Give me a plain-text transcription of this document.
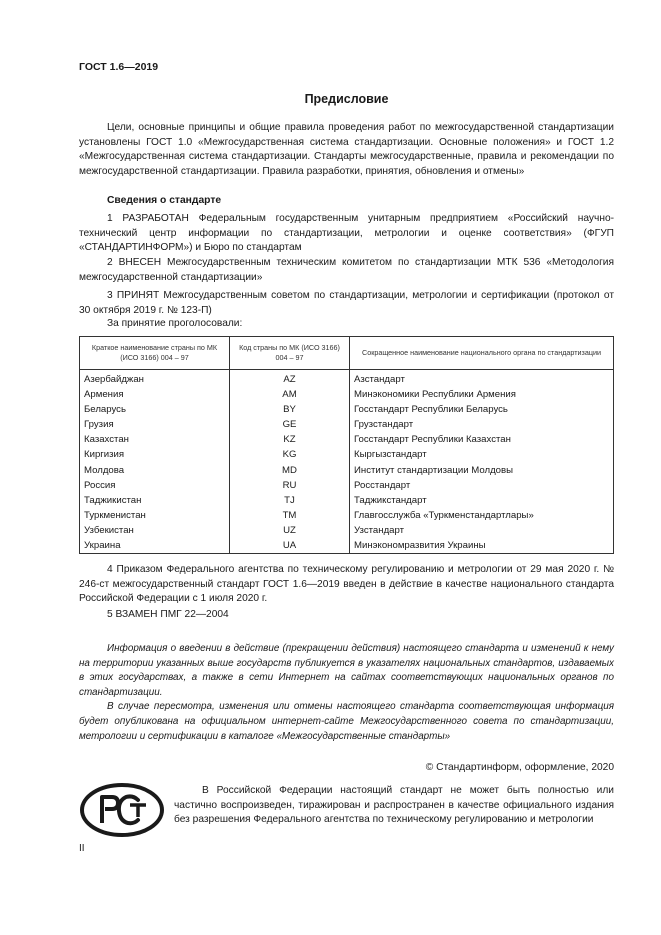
ГОСТ 1.6—2019
Предисловие

Цели, основные принципы и общие правила проведения работ по межгосударственной стандартизации установлены ГОСТ 1.0 «Межгосударственная система стандартизации. Основные положения» и ГОСТ 1.2 «Межгосударственная система стандартизации. Стандарты межгосударственные, правила и рекомендации по межгосударственной стандартизации. Правила разработки, принятия, обновления и отмены»

Сведения о стандарте

1 РАЗРАБОТАН Федеральным государственным унитарным предприятием «Российский научно-технический центр информации по стандартизации, метрологии и оценке соответствия» (ФГУП «СТАНДАРТИНФОРМ») и Бюро по стандартам

2 ВНЕСЕН Межгосударственным техническим комитетом по стандартизации МТК 536 «Методология межгосударственной стандартизации»

3 ПРИНЯТ Межгосударственным советом по стандартизации, метрологии и сертификации (протокол от 30 октября 2019 г. № 123-П)

За принятие проголосовали:
Краткое наименование страны по МК (ИСО 3166) 004 – 97	Код страны по МК (ИСО 3166) 004 – 97	Сокращенное наименование национального органа по стандартизации
Азербайджан	AZ	Азстандарт
Армения	AM	Минэкономики Республики Армения
Беларусь	BY	Госстандарт Республики Беларусь
Грузия	GE	Грузстандарт
Казахстан	KZ	Госстандарт Республики Казахстан
Киргизия	KG	Кыргызстандарт
Молдова	MD	Институт стандартизации Молдовы
Россия	RU	Росстандарт
Таджикистан	TJ	Таджикстандарт
Туркменистан	TM	Главгосслужба «Туркменстандартлары»
Узбекистан	UZ	Узстандарт
Украина	UA	Минэкономразвития Украины

4 Приказом Федерального агентства по техническому регулированию и метрологии от 29 мая 2020 г. № 246-ст межгосударственный стандарт ГОСТ 1.6—2019 введен в действие в качестве национального стандарта Российской Федерации с 1 июля 2020 г.

5 ВЗАМЕН ПМГ 22—2004

Информация о введении в действие (прекращении действия) настоящего стандарта и изменений к нему на территории указанных выше государств публикуется в указателях национальных стандартов, издаваемых в этих государствах, а также в сети Интернет на сайтах соответствующих национальных органов по стандартизации.

В случае пересмотра, изменения или отмены настоящего стандарта соответствующая информация будет опубликована на официальном интернет-сайте Межгосударственного совета по стандартизации, метрологии и сертификации в каталоге «Межгосударственные стандарты»

© Стандартинформ, оформление, 2020

В Российской Федерации настоящий стандарт не может быть полностью или частично воспроизведен, тиражирован и распространен в качестве официального издания без разрешения Федерального агентства по техническому регулированию и метрологии

II
